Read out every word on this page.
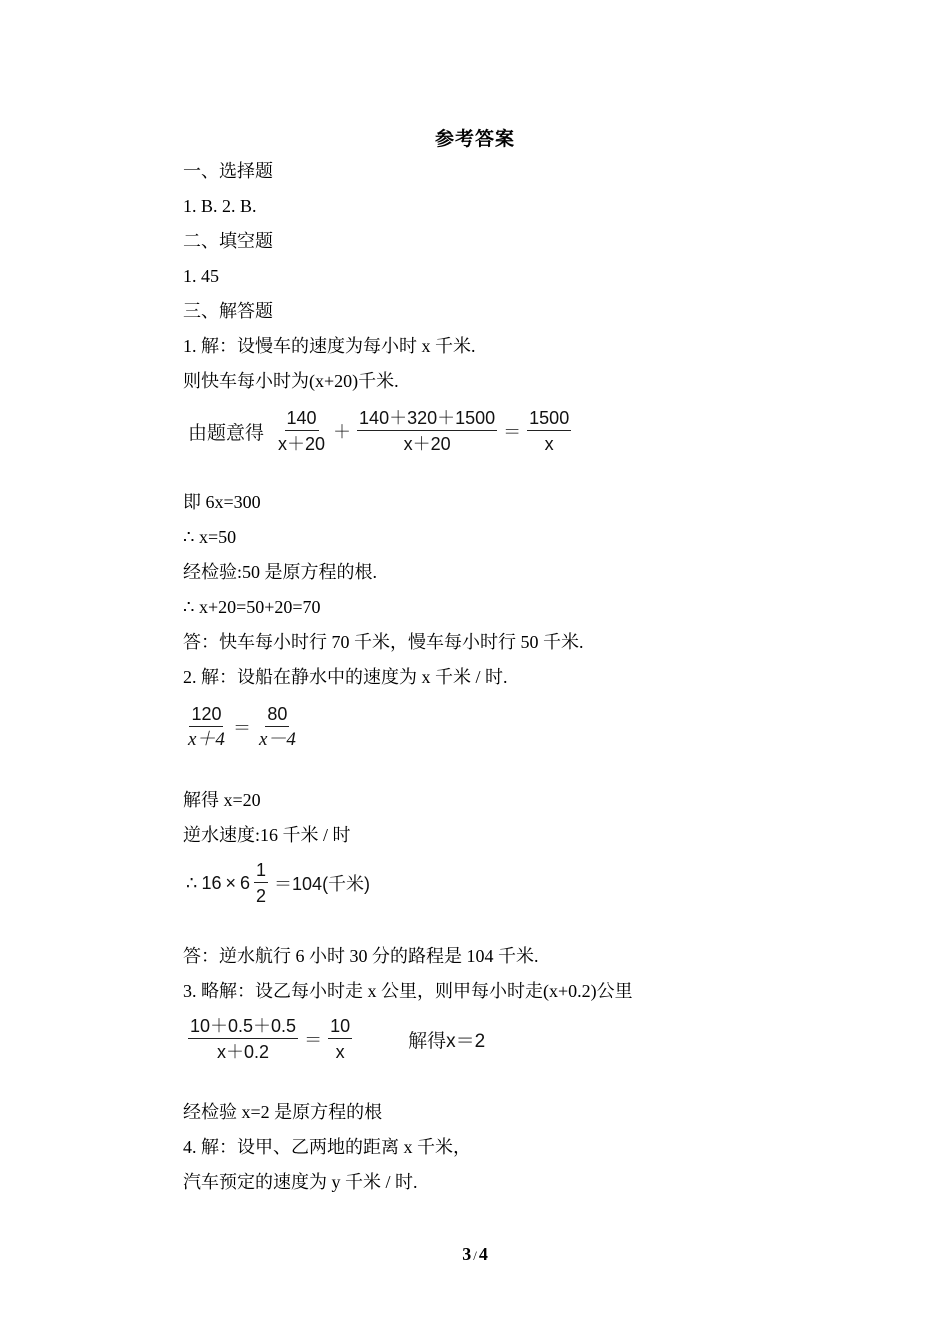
参考答案
一、选择题
1. B. 2. B.
二、填空题
1. 45
三、解答题
1. 解：设慢车的速度为每小时 x 千米.
则快车每小时为(x+20)千米.
由题意得 $\frac{140}{x+20} + \frac{140+320+1500}{x+20} = \frac{1500}{x}$
即 6x=300
∴ x=50
经检验:50 是原方程的根.
∴ x+20=50+20=70
答：快车每小时行 70 千米，慢车每小时行 50 千米.
2. 解：设船在静水中的速度为 x 千米 / 时.
$\frac{120}{x+4} = \frac{80}{x-4}$
解得 x=20
逆水速度:16 千米 / 时
∴ $16 \times 6 \frac{1}{2} =104$(千米)
答：逆水航行 6 小时 30 分的路程是 104 千米.
3. 略解：设乙每小时走 x 公里，则甲每小时走(x+0.2)公里
$\frac{10+0.5+0.5}{x+0.2} = \frac{10}{x}$	解得x＝2
经检验 x=2 是原方程的根
4. 解：设甲、乙两地的距离 x 千米，
汽车预定的速度为 y 千米 / 时.
3 / 4
